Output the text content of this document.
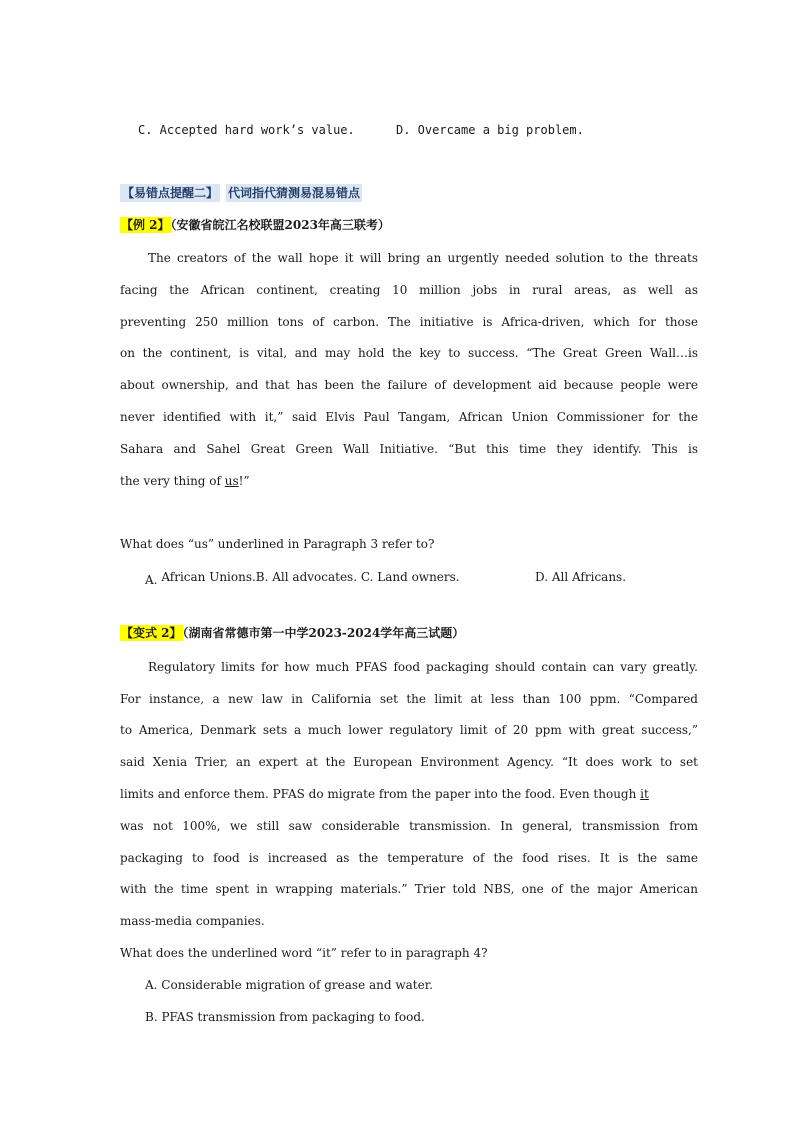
C. Accepted hard work’s value.	D. Overcame a big problem.
【易错点提醒二】 代词指代猜测易混易错点
【例 2】（安徽省皖江名校联盟2023年高三联考）
The creators of the wall hope it will bring an urgently needed solution to the threats
facing the African continent, creating 10 million jobs in rural areas, as well as
preventing 250 million tons of carbon. The initiative is Africa-driven, which for those
on the continent, is vital, and may hold the key to success. “The Great Green Wall…is
about ownership, and that has been the failure of development aid because people were
never identified with it,” said Elvis Paul Tangam, African Union Commissioner for the
Sahara and Sahel Great Green Wall Initiative. “But this time they identify. This is
the very thing of us!”
What does “us” underlined in Paragraph 3 refer to?
A. African Unions.B. All advocates. C. Land owners.	D. All Africans.
【变式 2】（湖南省常德市第一中学2023-2024学年高三试题）
Regulatory limits for how much PFAS food packaging should contain can vary greatly.
For instance, a new law in California set the limit at less than 100 ppm. “Compared
to America, Denmark sets a much lower regulatory limit of 20 ppm with great success,”
said Xenia Trier, an expert at the European Environment Agency. “It does work to set
limits and enforce them. PFAS do migrate from the paper into the food. Even though it
was not 100%, we still saw considerable transmission. In general, transmission from
packaging to food is increased as the temperature of the food rises. It is the same
with the time spent in wrapping materials.” Trier told NBS, one of the major American
mass-media companies.
What does the underlined word “it” refer to in paragraph 4?
A. Considerable migration of grease and water.
B. PFAS transmission from packaging to food.
